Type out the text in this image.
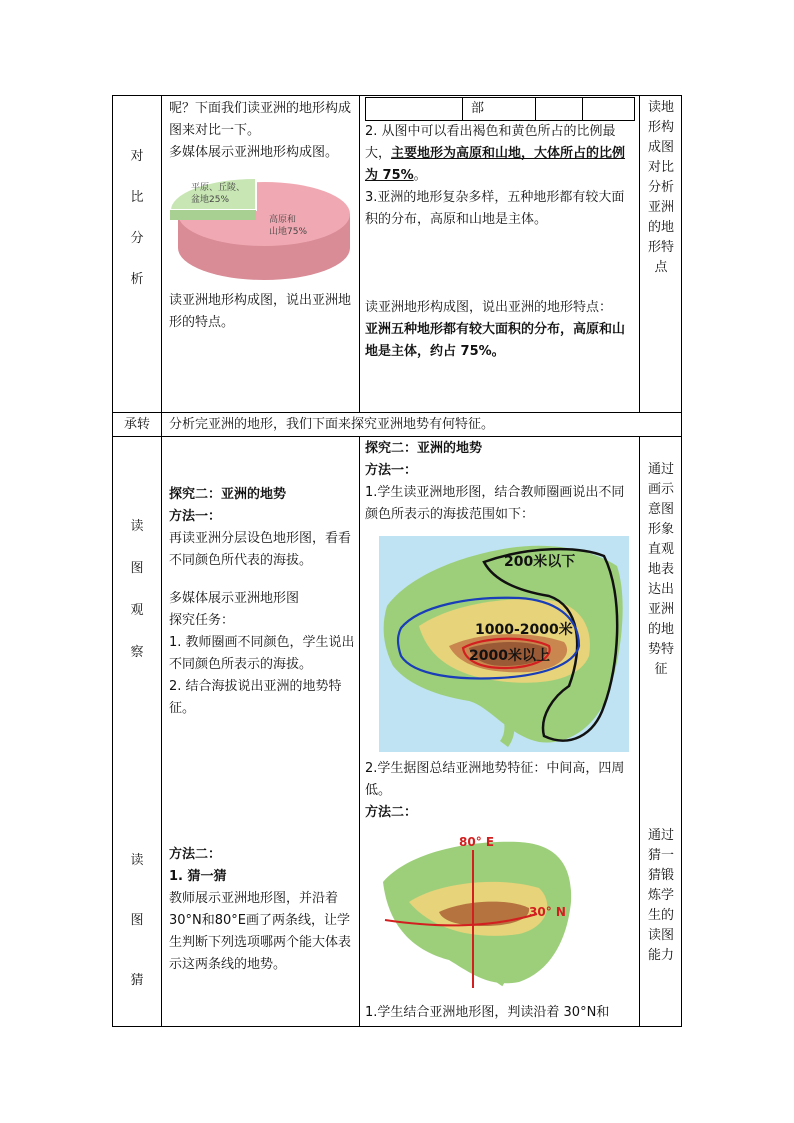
对
比
分
析
呢？下面我们读亚洲的地形构成图来对比一下。
多媒体展示亚洲地形构成图。
平原、丘陵、盆地25%
高原和山地75%
读亚洲地形构成图，说出亚洲地形的特点。
部
2. 从图中可以看出褐色和黄色所占的比例最大，主要地形为高原和山地，大体所占的比例为 75%。
3.亚洲的地形复杂多样，五种地形都有较大面积的分布，高原和山地是主体。
读亚洲地形构成图，说出亚洲的地形特点：
亚洲五种地形都有较大面积的分布，高原和山地是主体，约占 75%。
读地形构成图对比分析亚洲的地形特点
承转	分析完亚洲的地形，我们下面来探究亚洲地势有何特征。
读
图
观
察
读
图
猜
探究二：亚洲的地势
方法一：
再读亚洲分层设色地形图，看看不同颜色所代表的海拔。
多媒体展示亚洲地形图
探究任务：
1. 教师圈画不同颜色，学生说出不同颜色所表示的海拔。
2. 结合海拔说出亚洲的地势特征。
方法二：
1. 猜一猜
教师展示亚洲地形图，并沿着 30°N和80°E画了两条线，让学生判断下列选项哪两个能大体表示这两条线的地势。
探究二：亚洲的地势
方法一：
1.学生读亚洲地形图，结合教师圈画说出不同颜色所表示的海拔范围如下：
200米以下
1000-2000米
2000米以上
2.学生据图总结亚洲地势特征：中间高，四周低。
方法二：
80° E
30° N
1.学生结合亚洲地形图，判读沿着 30°N和
通过画示意图形象直观地表达出亚洲的地势特征
通过猜一猜锻炼学生的读图能力
